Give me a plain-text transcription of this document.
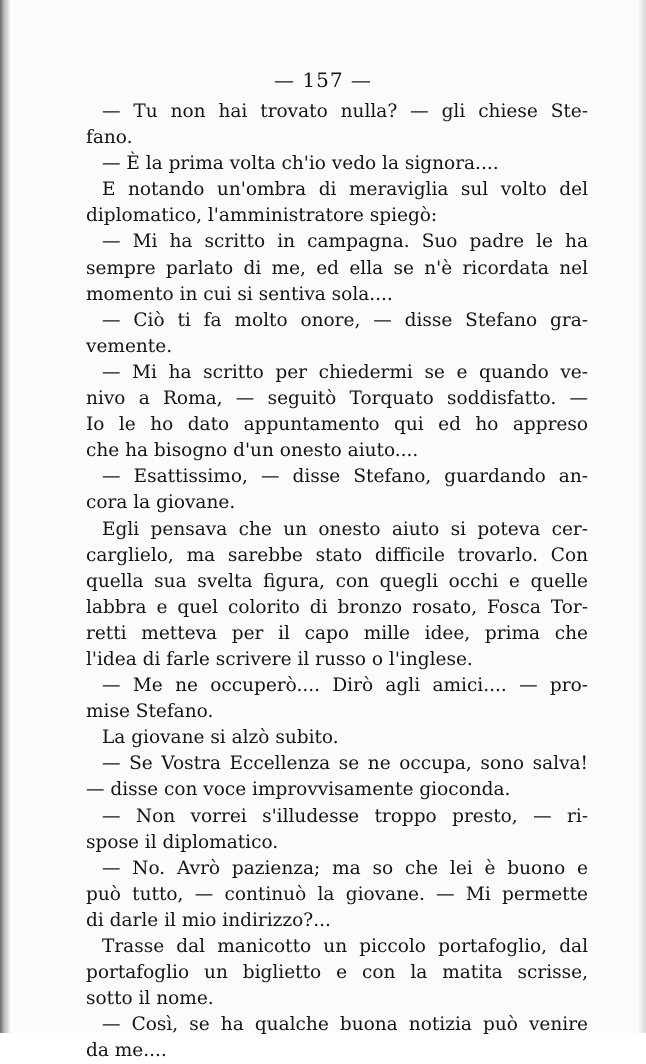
— 157 —
— Tu non hai trovato nulla? — gli chiese Ste-
fano.
— È la prima volta ch'io vedo la signora....
E notando un'ombra di meraviglia sul volto del
diplomatico, l'amministratore spiegò:
— Mi ha scritto in campagna. Suo padre le ha
sempre parlato di me, ed ella se n'è ricordata nel
momento in cui si sentiva sola....
— Ciò ti fa molto onore, — disse Stefano gra-
vemente.
— Mi ha scritto per chiedermi se e quando ve-
nivo a Roma, — seguitò Torquato soddisfatto. —
Io le ho dato appuntamento qui ed ho appreso
che ha bisogno d'un onesto aiuto....
— Esattissimo, — disse Stefano, guardando an-
cora la giovane.
Egli pensava che un onesto aiuto si poteva cer-
carglielo, ma sarebbe stato difficile trovarlo. Con
quella sua svelta figura, con quegli occhi e quelle
labbra e quel colorito di bronzo rosato, Fosca Tor-
retti metteva per il capo mille idee, prima che
l'idea di farle scrivere il russo o l'inglese.
— Me ne occuperò.... Dirò agli amici.... — pro-
mise Stefano.
La giovane si alzò subito.
— Se Vostra Eccellenza se ne occupa, sono salva!
— disse con voce improvvisamente gioconda.
— Non vorrei s'illudesse troppo presto, — ri-
spose il diplomatico.
— No. Avrò pazienza; ma so che lei è buono e
può tutto, — continuò la giovane. — Mi permette
di darle il mio indirizzo?...
Trasse dal manicotto un piccolo portafoglio, dal
portafoglio un biglietto e con la matita scrisse,
sotto il nome.
— Così, se ha qualche buona notizia può venire
da me....
